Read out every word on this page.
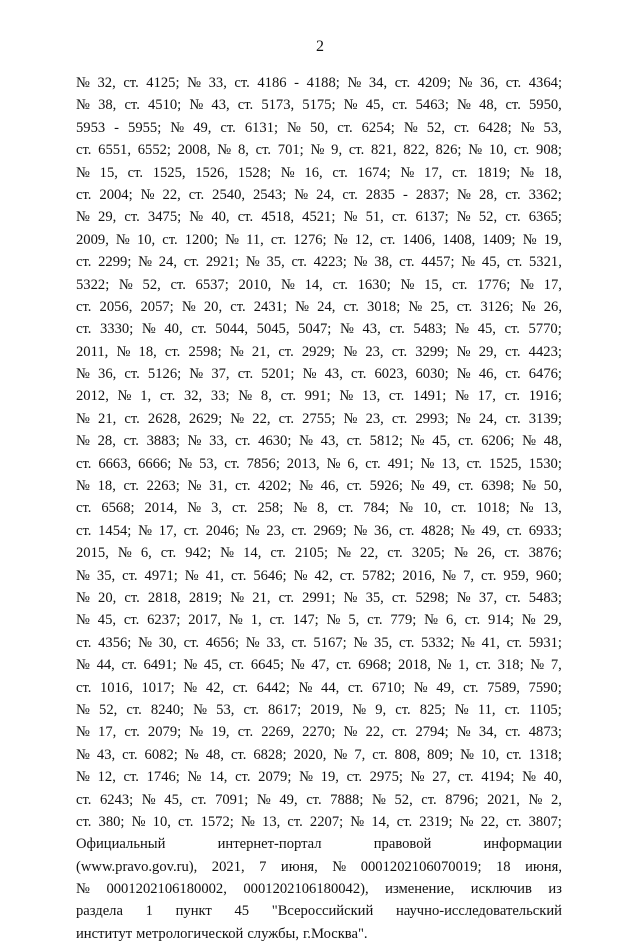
2
№ 32, ст. 4125; № 33, ст. 4186 - 4188; № 34, ст. 4209; № 36, ст. 4364;
№ 38, ст. 4510; № 43, ст. 5173, 5175; № 45, ст. 5463; № 48, ст. 5950,
5953 - 5955; № 49, ст. 6131; № 50, ст. 6254; № 52, ст. 6428; № 53,
ст. 6551, 6552; 2008, № 8, ст. 701; № 9, ст. 821, 822, 826; № 10, ст. 908;
№ 15, ст. 1525, 1526, 1528; № 16, ст. 1674; № 17, ст. 1819; № 18,
ст. 2004; № 22, ст. 2540, 2543; № 24, ст. 2835 - 2837; № 28, ст. 3362;
№ 29, ст. 3475; № 40, ст. 4518, 4521; № 51, ст. 6137; № 52, ст. 6365;
2009, № 10, ст. 1200; № 11, ст. 1276; № 12, ст. 1406, 1408, 1409; № 19,
ст. 2299; № 24, ст. 2921; № 35, ст. 4223; № 38, ст. 4457; № 45, ст. 5321,
5322; № 52, ст. 6537; 2010, № 14, ст. 1630; № 15, ст. 1776; № 17,
ст. 2056, 2057; № 20, ст. 2431; № 24, ст. 3018; № 25, ст. 3126; № 26,
ст. 3330; № 40, ст. 5044, 5045, 5047; № 43, ст. 5483; № 45, ст. 5770;
2011, № 18, ст. 2598; № 21, ст. 2929; № 23, ст. 3299; № 29, ст. 4423;
№ 36, ст. 5126; № 37, ст. 5201; № 43, ст. 6023, 6030; № 46, ст. 6476;
2012, № 1, ст. 32, 33; № 8, ст. 991; № 13, ст. 1491; № 17, ст. 1916;
№ 21, ст. 2628, 2629; № 22, ст. 2755; № 23, ст. 2993; № 24, ст. 3139;
№ 28, ст. 3883; № 33, ст. 4630; № 43, ст. 5812; № 45, ст. 6206; № 48,
ст. 6663, 6666; № 53, ст. 7856; 2013, № 6, ст. 491; № 13, ст. 1525, 1530;
№ 18, ст. 2263; № 31, ст. 4202; № 46, ст. 5926; № 49, ст. 6398; № 50,
ст. 6568; 2014, № 3, ст. 258; № 8, ст. 784; № 10, ст. 1018; № 13,
ст. 1454; № 17, ст. 2046; № 23, ст. 2969; № 36, ст. 4828; № 49, ст. 6933;
2015, № 6, ст. 942; № 14, ст. 2105; № 22, ст. 3205; № 26, ст. 3876;
№ 35, ст. 4971; № 41, ст. 5646; № 42, ст. 5782; 2016, № 7, ст. 959, 960;
№ 20, ст. 2818, 2819; № 21, ст. 2991; № 35, ст. 5298; № 37, ст. 5483;
№ 45, ст. 6237; 2017, № 1, ст. 147; № 5, ст. 779; № 6, ст. 914; № 29,
ст. 4356; № 30, ст. 4656; № 33, ст. 5167; № 35, ст. 5332; № 41, ст. 5931;
№ 44, ст. 6491; № 45, ст. 6645; № 47, ст. 6968; 2018, № 1, ст. 318; № 7,
ст. 1016, 1017; № 42, ст. 6442; № 44, ст. 6710; № 49, ст. 7589, 7590;
№ 52, ст. 8240; № 53, ст. 8617; 2019, № 9, ст. 825; № 11, ст. 1105;
№ 17, ст. 2079; № 19, ст. 2269, 2270; № 22, ст. 2794; № 34, ст. 4873;
№ 43, ст. 6082; № 48, ст. 6828; 2020, № 7, ст. 808, 809; № 10, ст. 1318;
№ 12, ст. 1746; № 14, ст. 2079; № 19, ст. 2975; № 27, ст. 4194; № 40,
ст. 6243; № 45, ст. 7091; № 49, ст. 7888; № 52, ст. 8796; 2021, № 2,
ст. 380; № 10, ст. 1572; № 13, ст. 2207; № 14, ст. 2319; № 22, ст. 3807;
Официальный	интернет-портал	правовой	информации
(www.pravo.gov.ru), 2021, 7 июня, № 0001202106070019; 18 июня,
№ 0001202106180002, 0001202106180042), изменение, исключив из
раздела 1 пункт 45 "Всероссийский научно-исследовательский
институт метрологической службы, г.Москва".
